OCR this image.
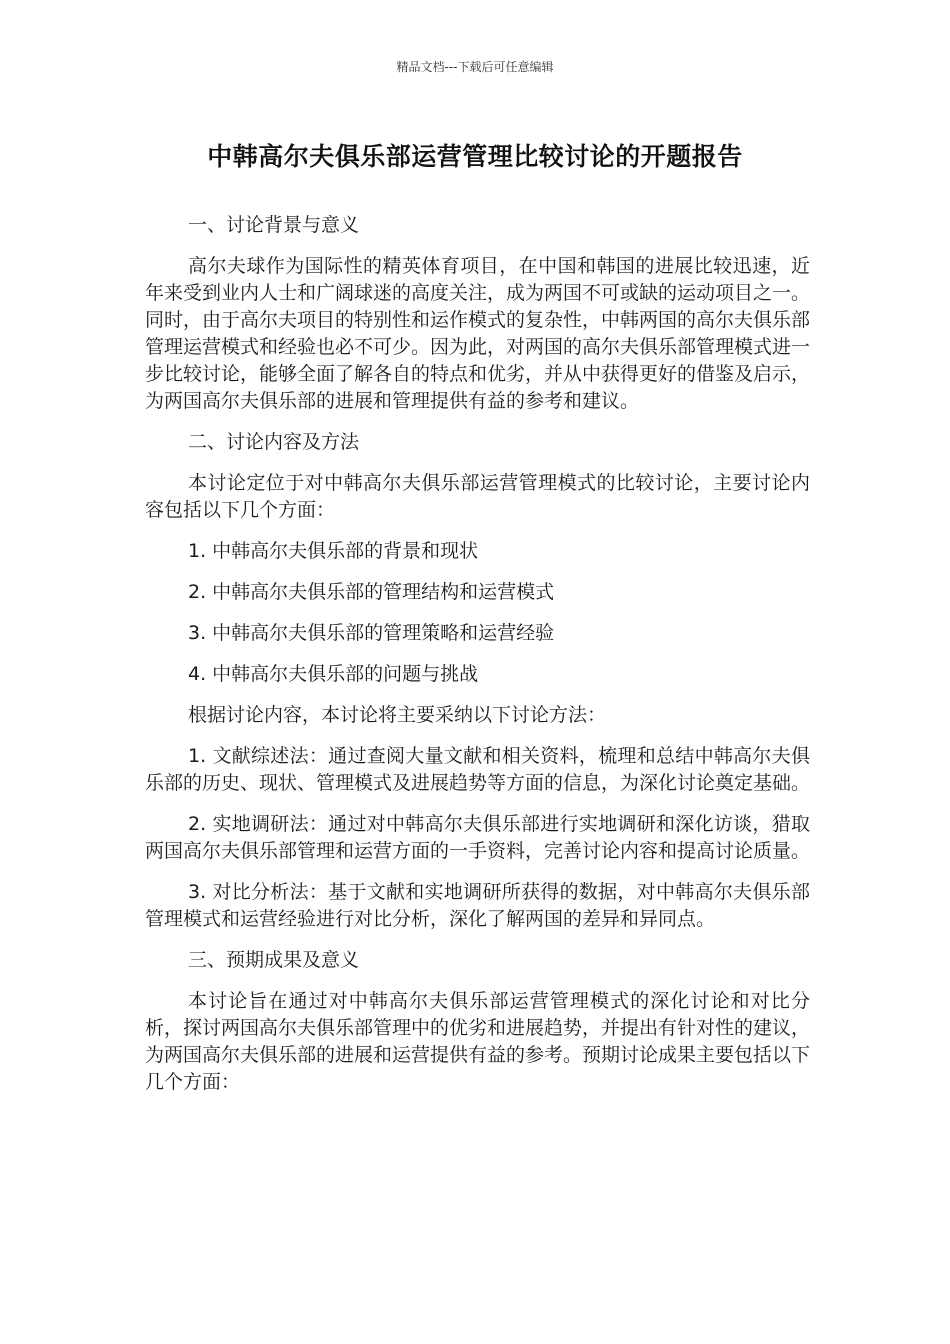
精品文档---下载后可任意编辑
中韩高尔夫俱乐部运营管理比较讨论的开题报告

一、讨论背景与意义

高尔夫球作为国际性的精英体育项目，在中国和韩国的进展比较迅速，近年来受到业内人士和广阔球迷的高度关注，成为两国不可或缺的运动项目之一。同时，由于高尔夫项目的特别性和运作模式的复杂性，中韩两国的高尔夫俱乐部管理运营模式和经验也必不可少。因为此，对两国的高尔夫俱乐部管理模式进一步比较讨论，能够全面了解各自的特点和优劣，并从中获得更好的借鉴及启示，为两国高尔夫俱乐部的进展和管理提供有益的参考和建议。

二、讨论内容及方法

本讨论定位于对中韩高尔夫俱乐部运营管理模式的比较讨论，主要讨论内容包括以下几个方面：

1. 中韩高尔夫俱乐部的背景和现状

2. 中韩高尔夫俱乐部的管理结构和运营模式

3. 中韩高尔夫俱乐部的管理策略和运营经验

4. 中韩高尔夫俱乐部的问题与挑战

根据讨论内容，本讨论将主要采纳以下讨论方法：

1. 文献综述法：通过查阅大量文献和相关资料，梳理和总结中韩高尔夫俱乐部的历史、现状、管理模式及进展趋势等方面的信息，为深化讨论奠定基础。

2. 实地调研法：通过对中韩高尔夫俱乐部进行实地调研和深化访谈，猎取两国高尔夫俱乐部管理和运营方面的一手资料，完善讨论内容和提高讨论质量。

3. 对比分析法：基于文献和实地调研所获得的数据，对中韩高尔夫俱乐部管理模式和运营经验进行对比分析，深化了解两国的差异和异同点。

三、预期成果及意义

本讨论旨在通过对中韩高尔夫俱乐部运营管理模式的深化讨论和对比分析，探讨两国高尔夫俱乐部管理中的优劣和进展趋势，并提出有针对性的建议，为两国高尔夫俱乐部的进展和运营提供有益的参考。预期讨论成果主要包括以下几个方面：
